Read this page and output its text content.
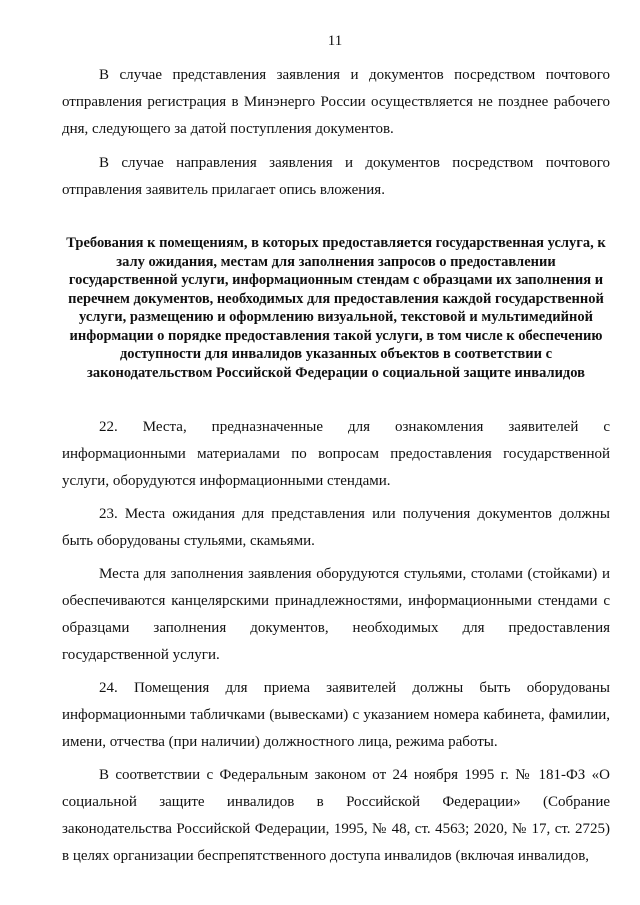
11

В случае представления заявления и документов посредством почтового отправления регистрация в Минэнерго России осуществляется не позднее рабочего дня, следующего за датой поступления документов.

В случае направления заявления и документов посредством почтового отправления заявитель прилагает опись вложения.

Требования к помещениям, в которых предоставляется государственная услуга, к залу ожидания, местам для заполнения запросов о предоставлении государственной услуги, информационным стендам с образцами их заполнения и перечнем документов, необходимых для предоставления каждой государственной услуги, размещению и оформлению визуальной, текстовой и мультимедийной информации о порядке предоставления такой услуги, в том числе к обеспечению доступности для инвалидов указанных объектов в соответствии с законодательством Российской Федерации о социальной защите инвалидов

22. Места, предназначенные для ознакомления заявителей с информационными материалами по вопросам предоставления государственной услуги, оборудуются информационными стендами.

23. Места ожидания для представления или получения документов должны быть оборудованы стульями, скамьями.

Места для заполнения заявления оборудуются стульями, столами (стойками) и обеспечиваются канцелярскими принадлежностями, информационными стендами с образцами заполнения документов, необходимых для предоставления государственной услуги.

24. Помещения для приема заявителей должны быть оборудованы информационными табличками (вывесками) с указанием номера кабинета, фамилии, имени, отчества (при наличии) должностного лица, режима работы.

В соответствии с Федеральным законом от 24 ноября 1995 г. № 181-ФЗ «О социальной защите инвалидов в Российской Федерации» (Собрание законодательства Российской Федерации, 1995, № 48, ст. 4563; 2020, № 17, ст. 2725) в целях организации беспрепятственного доступа инвалидов (включая инвалидов,
